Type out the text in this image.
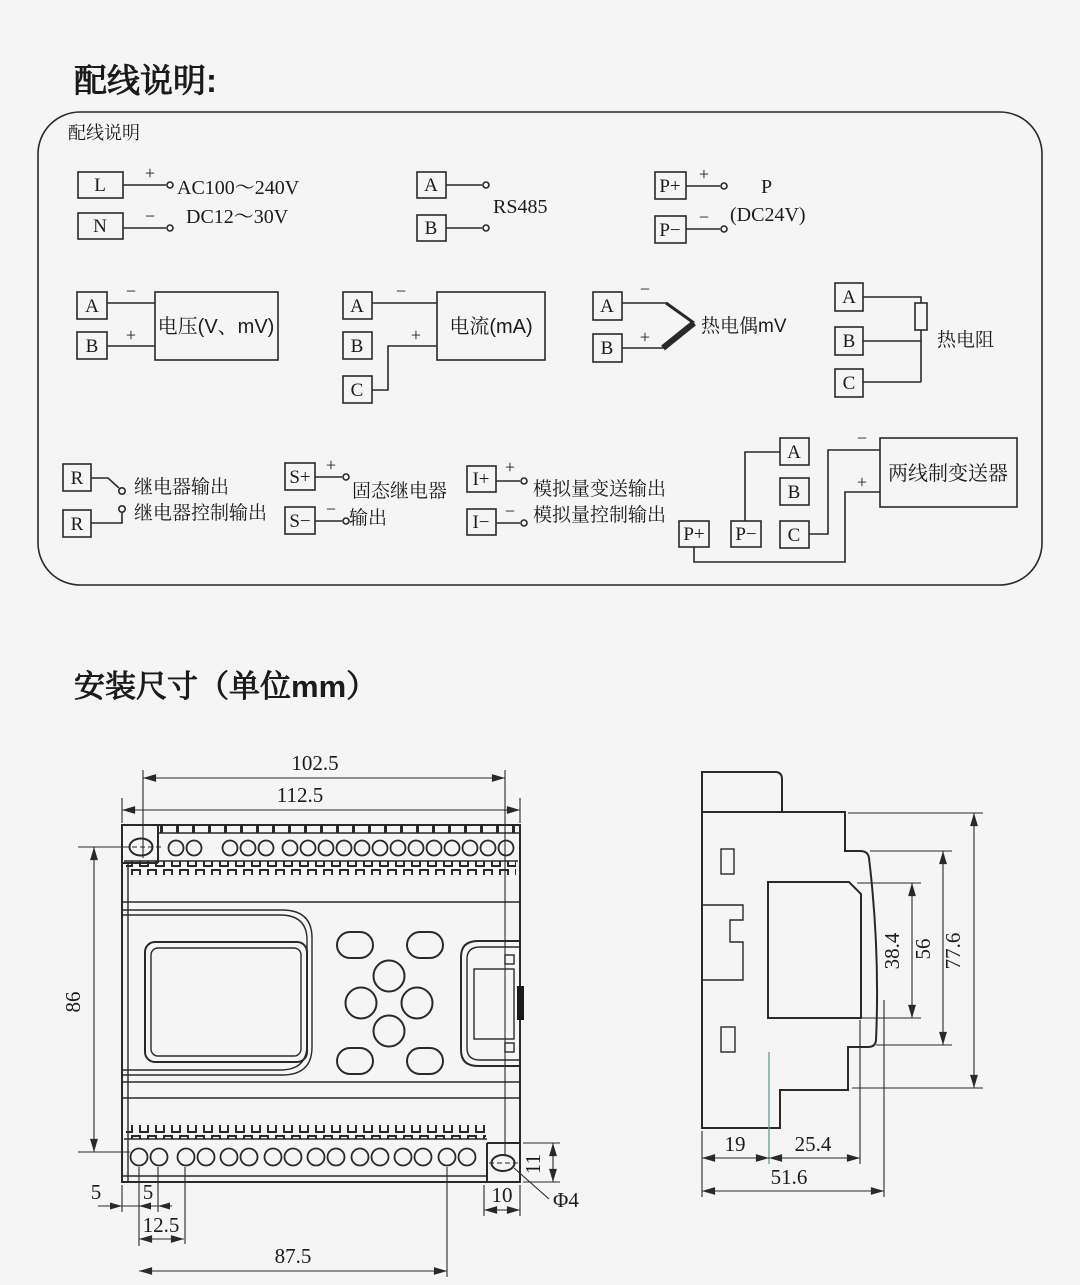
配线说明:
安装尺寸（单位mm）
配线说明
L
N
+
−
AC100～240V
DC12～30V
A
B
RS485
P+
P−
+
−
P
(DC24V)
A
B
−
+ 电压(V、mV)
A
B
C
−
+ 电流(mA)
A
B
−
+	热电偶mV
A
B
C
热电阻
R
R
继电器输出
继电器控制输出
S+
S−
+
−
固态继电器
输出
I+
I−
+
−
模拟量变送输出
模拟量控制输出
A
B
C
P+ P−
−
+ 两线制变送器
102.5
112.5
86
5 5
12.5
87.5
10
11
Φ4
38.4 56 77.6
19 25.4
51.6
